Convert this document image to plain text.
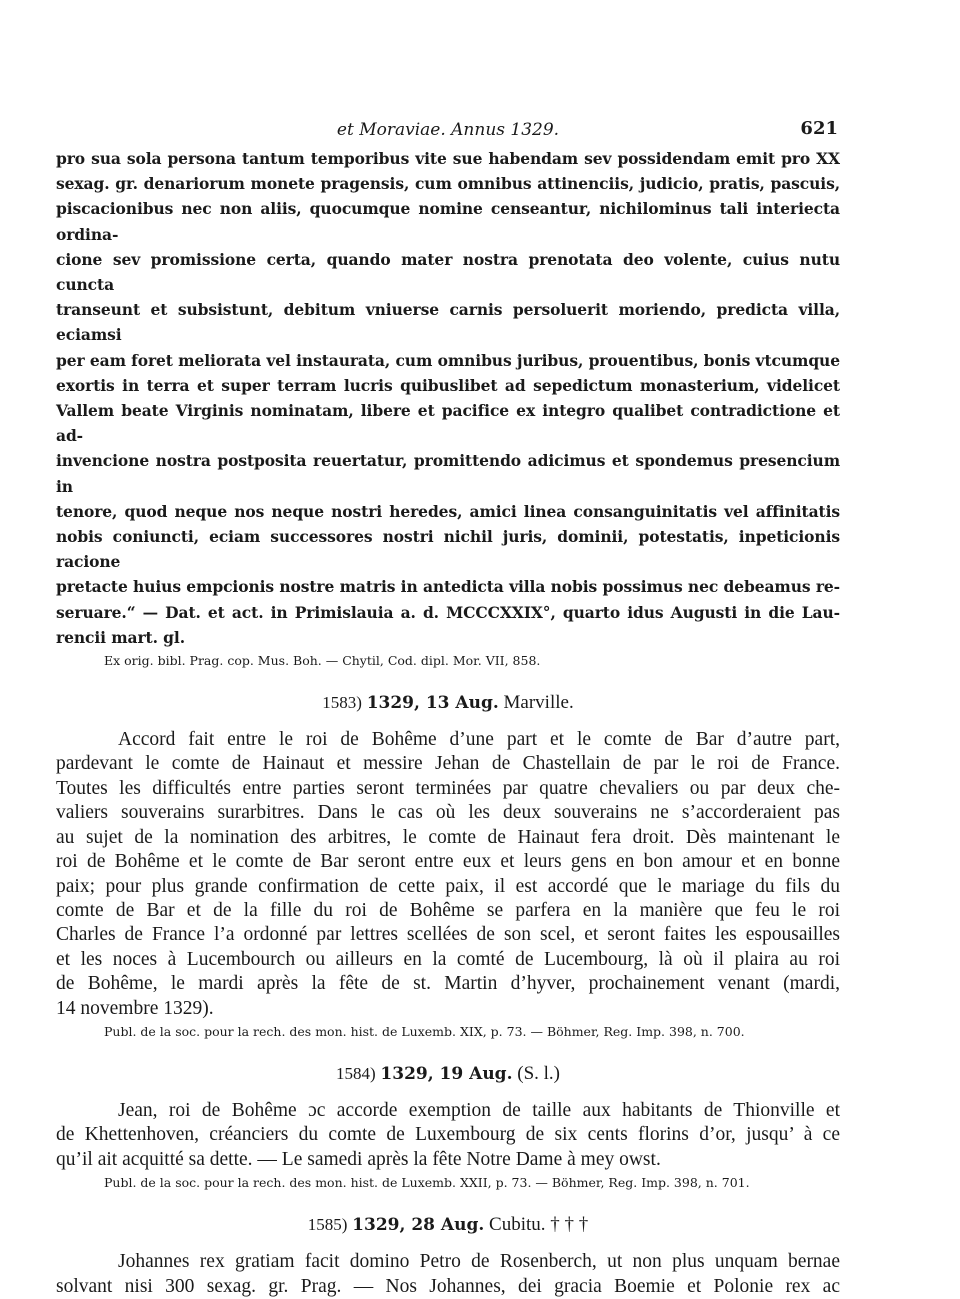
et Moraviae. Annus 1329.	621
pro sua sola persona tantum temporibus vite sue habendam sev possidendam emit pro XX
sexag. gr. denariorum monete pragensis, cum omnibus attinenciis, judicio, pratis, pascuis,
piscacionibus nec non aliis, quocumque nomine censeantur, nichilominus tali interiecta ordina-
cione sev promissione certa, quando mater nostra prenotata deo volente, cuius nutu cuncta
transeunt et subsistunt, debitum vniuerse carnis persoluerit moriendo, predicta villa, eciamsi
per eam foret meliorata vel instaurata, cum omnibus juribus, prouentibus, bonis vtcumque
exortis in terra et super terram lucris quibuslibet ad sepedictum monasterium, videlicet
Vallem beate Virginis nominatam, libere et pacifice ex integro qualibet contradictione et ad-
invencione nostra postposita reuertatur, promittendo adicimus et spondemus presencium in
tenore, quod neque nos neque nostri heredes, amici linea consanguinitatis vel affinitatis
nobis coniuncti, eciam successores nostri nichil juris, dominii, potestatis, inpeticionis racione
pretacte huius empcionis nostre matris in antedicta villa nobis possimus nec debeamus re-
seruare.“ — Dat. et act. in Primislauia a. d. MCCCXXIX°, quarto idus Augusti in die Lau-
rencii mart. gl.
Ex orig. bibl. Prag. cop. Mus. Boh. — Chytil, Cod. dipl. Mor. VII, 858.
1583) 1329, 13 Aug. Marville.
Accord fait entre le roi de Bohême d’une part et le comte de Bar d’autre part,
pardevant le comte de Hainaut et messire Jehan de Chastellain de par le roi de France.
Toutes les difficultés entre parties seront terminées par quatre chevaliers ou par deux che-
valiers souverains surarbitres. Dans le cas où les deux souverains ne s’accorderaient pas
au sujet de la nomination des arbitres, le comte de Hainaut fera droit. Dès maintenant le
roi de Bohême et le comte de Bar seront entre eux et leurs gens en bon amour et en bonne
paix; pour plus grande confirmation de cette paix, il est accordé que le mariage du fils du
comte de Bar et de la fille du roi de Bohême se parfera en la manière que feu le roi
Charles de France l’a ordonné par lettres scellées de son scel, et seront faites les espousailles
et les noces à Lucembourch ou ailleurs en la comté de Lucembourg, là où il plaira au roi
de Bohême, le mardi après la fête de st. Martin d’hyver, prochainement venant (mardi,
14 novembre 1329).
Publ. de la soc. pour la rech. des mon. hist. de Luxemb. XIX, p. 73. — Böhmer, Reg. Imp. 398, n. 700.
1584) 1329, 19 Aug. (S. l.)
Jean, roi de Bohême ɔc accorde exemption de taille aux habitants de Thionville et
de Khettenhoven, créanciers du comte de Luxembourg de six cents florins d’or, jusqu’ à ce
qu’il ait acquitté sa dette. — Le samedi après la fête Notre Dame à mey owst.
Publ. de la soc. pour la rech. des mon. hist. de Luxemb. XXII, p. 73. — Böhmer, Reg. Imp. 398, n. 701.
1585) 1329, 28 Aug. Cubitu. † † †
Johannes rex gratiam facit domino Petro de Rosenberch, ut non plus unquam bernae
solvant nisi 300 sexag. gr. Prag. — Nos Johannes, dei gracia Boemie et Polonie rex ac
